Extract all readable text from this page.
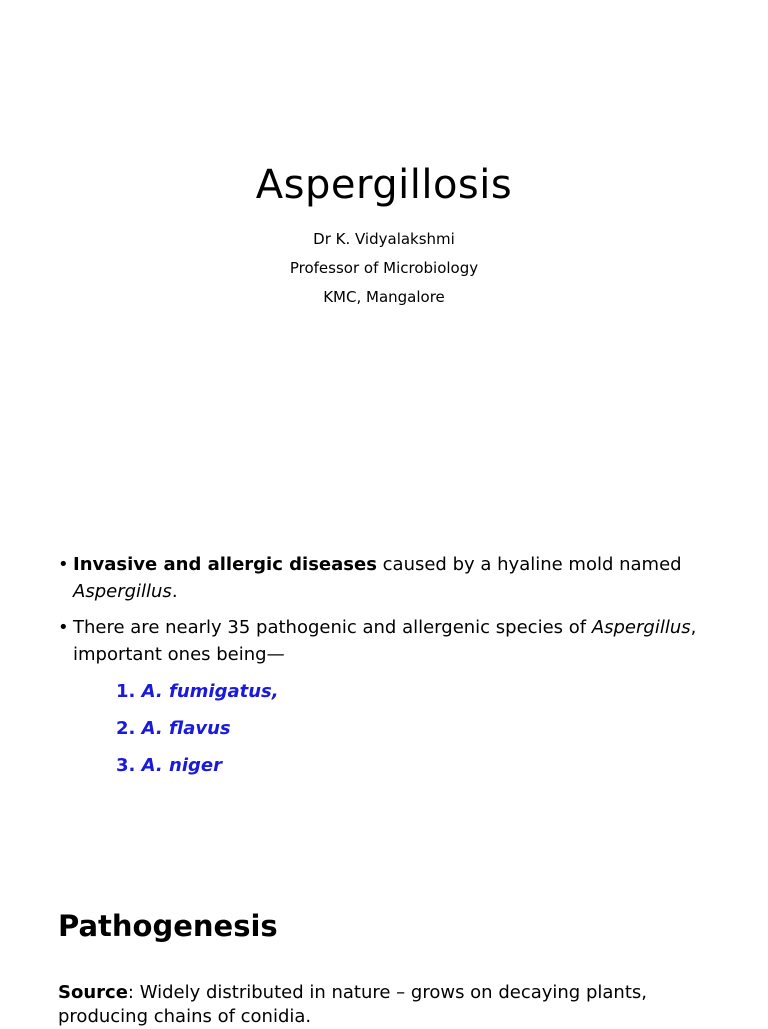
Aspergillosis

Dr K. Vidyalakshmi

Professor of Microbiology

KMC, Mangalore

• Invasive and allergic diseases caused by a hyaline mold named Aspergillus.
• There are nearly 35 pathogenic and allergenic species of Aspergillus, important ones being—
1. A. fumigatus,
2. A. flavus
3. A. niger
Pathogenesis

Source: Widely distributed in nature – grows on decaying plants, producing chains of conidia.
